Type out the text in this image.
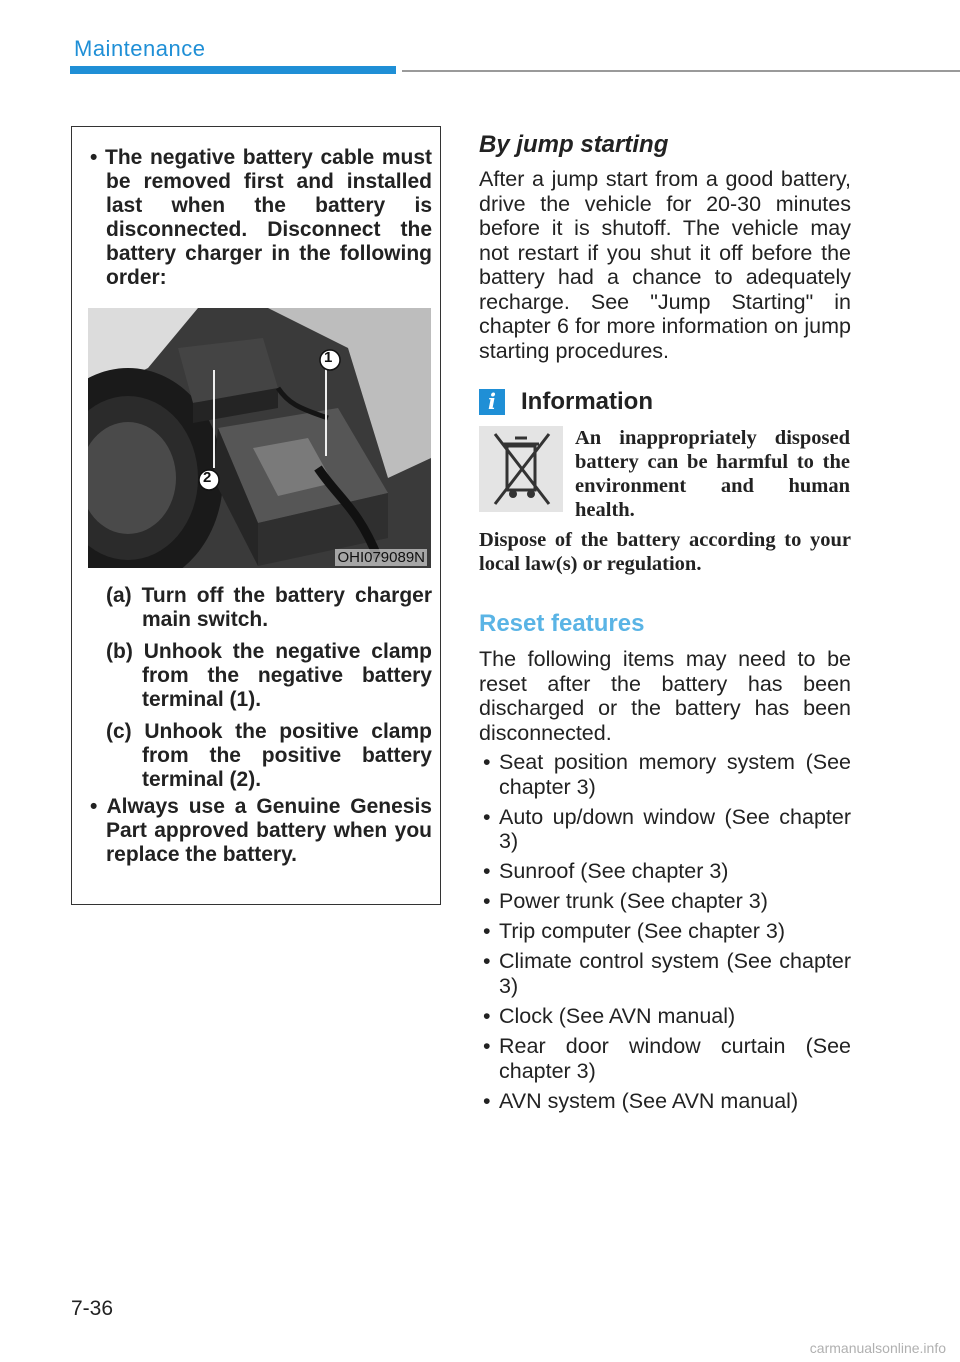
Maintenance
• The negative battery cable must be removed first and installed last when the battery is disconnected. Disconnect the battery charger in the following order:
1
2
OHI079089N
(a) Turn off the battery charger main switch.
(b) Unhook the negative clamp from the negative battery terminal (1).
(c) Unhook the positive clamp from the positive battery terminal (2).
• Always use a Genuine Genesis Part approved battery when you replace the battery.
By jump starting
After a jump start from a good battery, drive the vehicle for 20-30 minutes before it is shutoff. The vehicle may not restart if you shut it off before the battery had a chance to adequately recharge. See "Jump Starting" in chapter 6 for more information on jump starting procedures.
i	Information
An inappropriately disposed battery can be harmful to the environment and human health.
Dispose of the battery according to your local law(s) or regulation.
Reset features
The following items may need to be reset after the battery has been discharged or the battery has been disconnected.
• Seat position memory system (See chapter 3)
• Auto up/down window (See chapter 3)
• Sunroof (See chapter 3)
• Power trunk (See chapter 3)
• Trip computer (See chapter 3)
• Climate control system (See chapter 3)
• Clock (See AVN manual)
• Rear door window curtain (See chapter 3)
• AVN system (See AVN manual)
7-36
carmanualsonline.info
